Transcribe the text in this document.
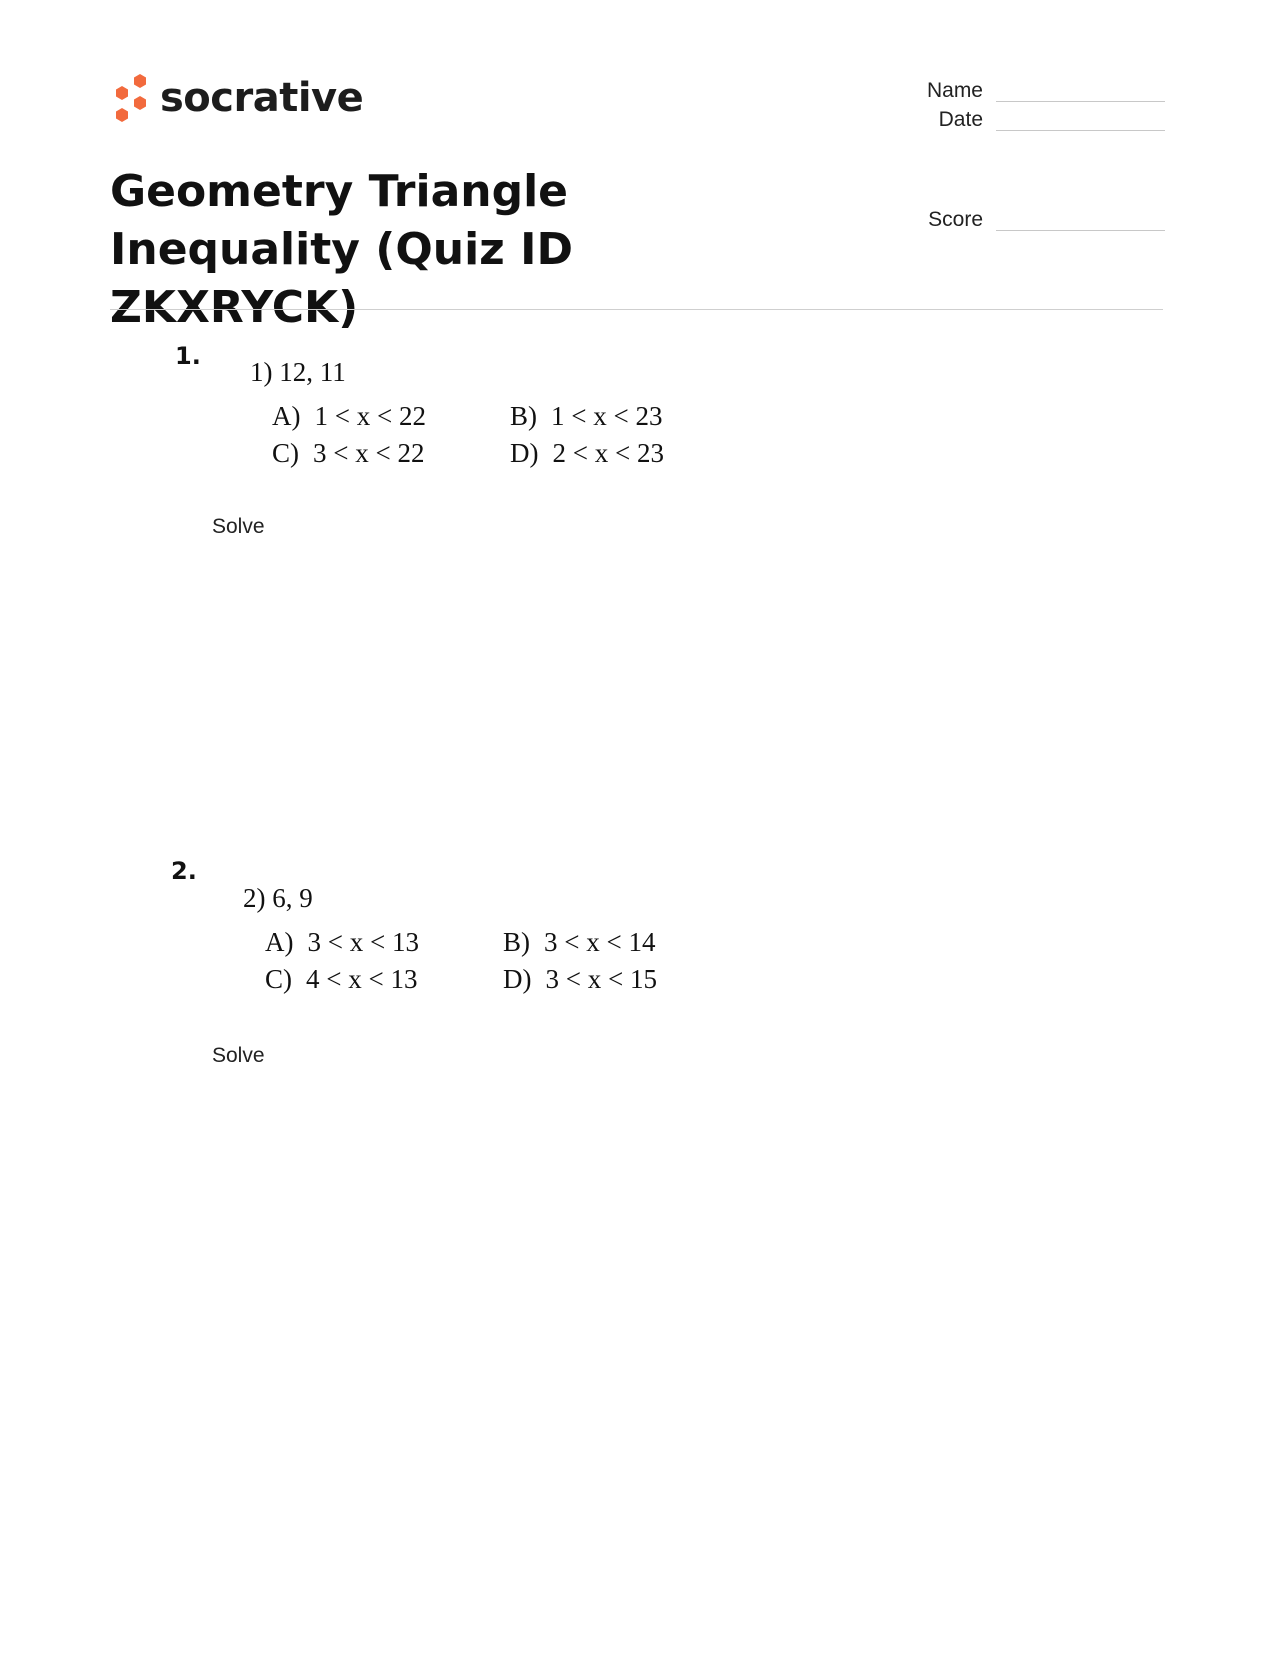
socrative	Name
Date
Score
Geometry Triangle Inequality (Quiz ID ZKXRYCK)
1.
1) 12, 11
A) 1 < x < 22	B) 1 < x < 23
C) 3 < x < 22	D) 2 < x < 23
Solve
2.
2) 6, 9
A) 3 < x < 13	B) 3 < x < 14
C) 4 < x < 13	D) 3 < x < 15
Solve
